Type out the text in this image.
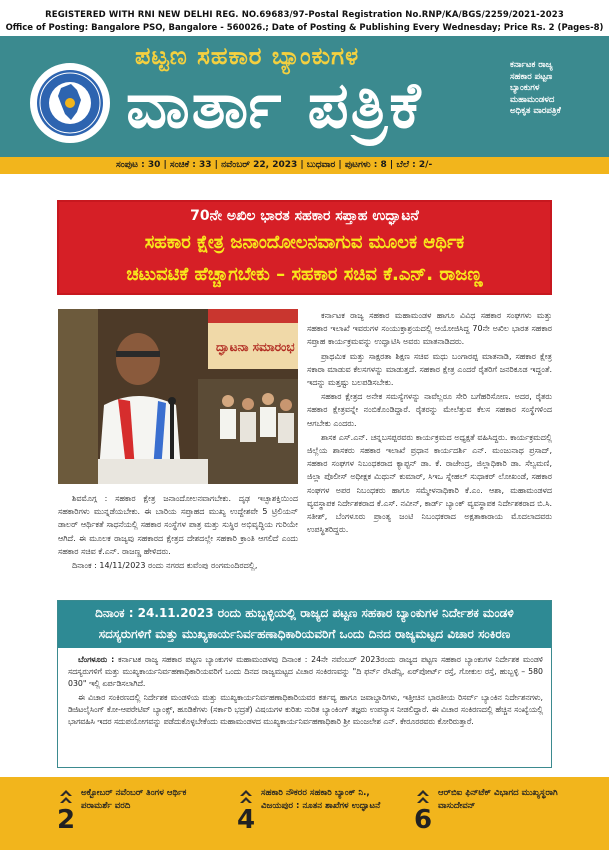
REGISTERED WITH RNI NEW DELHI REG. NO.69683/97-Postal Registration No.RNP/KA/BGS/2259/2021-2023
Office of Posting: Bangalore PSO, Bangalore - 560026.; Date of Posting & Publishing Every Wednesday; Price Rs. 2 (Pages-8)
ಪಟ್ಟಣ ಸಹಕಾರ ಬ್ಯಾಂಕುಗಳ
ವಾರ್ತಾ ಪತ್ರಿಕೆ
ಕರ್ನಾಟಕ ರಾಜ್ಯ
ಸಹಕಾರ ಪಟ್ಟಣ
ಬ್ಯಾಂಕುಗಳ
ಮಹಾಮಂಡಳದ
ಅಧಿಕೃತ ವಾರಪತ್ರಿಕೆ
ಸಂಪುಟ : 30 | ಸಂಚಿಕೆ : 33 | ನವೆಂಬರ್ 22, 2023 | ಬುಧವಾರ | ಪುಟಗಳು : 8 | ಬೆಲೆ : 2/-
70ನೇ ಅಖಿಲ ಭಾರತ ಸಹಕಾರ ಸಪ್ತಾಹ ಉದ್ಘಾಟನೆ
ಸಹಕಾರ ಕ್ಷೇತ್ರ ಜನಾಂದೋಲನವಾಗುವ ಮೂಲಕ ಆರ್ಥಿಕ
ಚಟುವಟಿಕೆ ಹೆಚ್ಚಾಗಬೇಕು – ಸಹಕಾರ ಸಚಿವ ಕೆ.ಎನ್. ರಾಜಣ್ಣ
ದ್ಘಾಟನಾ ಸಮಾರಂಭ

ಶಿವಮೊಗ್ಗ : ಸಹಕಾರ ಕ್ಷೇತ್ರ ಜನಾಂದೋಲನವಾಗಬೇಕು. ದೃಢ ಇಚ್ಛಾಶಕ್ತಿಯಿಂದ ಸಹಕಾರಿಗಳು ಮುನ್ನಡೆಯಬೇಕು. ಈ ಬಾರಿಯ ಸಪ್ತಾಹದ ಮುಖ್ಯ ಉದ್ದೇಶವೇ 5 ಟ್ರಿಲಿಯನ್ ಡಾಲರ್ ಆರ್ಥಿಕತೆ ಸಾಧನೆಯಲ್ಲಿ ಸಹಕಾರ ಸಂಸ್ಥೆಗಳ ಪಾತ್ರ ಮತ್ತು ಸುಸ್ಥಿರ ಅಭಿವೃದ್ಧಿಯ ಗುರಿಯೇ ಆಗಿದೆ. ಈ ಮೂಲಕ ರಾಜ್ಯವು ಸಹಕಾರದ ಕ್ಷೇತ್ರದ ದೇಶದಲ್ಲೇ ಸಹಕಾರಿ ಕ್ರಾಂತಿ ಆಗಲಿದೆ ಎಂದು ಸಹಕಾರ ಸಚಿವ ಕೆ.ಎನ್. ರಾಜಣ್ಣ ಹೇಳಿದರು.

ದಿನಾಂಕ : 14/11/2023 ರಂದು ನಗರದ ಕುವೆಂಪು ರಂಗಮಂದಿರದಲ್ಲಿ,

ಕರ್ನಾಟಕ ರಾಜ್ಯ ಸಹಕಾರ ಮಹಾಮಂಡಳ ಹಾಗೂ ವಿವಿಧ ಸಹಕಾರ ಸಂಘಗಳು ಮತ್ತು ಸಹಕಾರ ಇಲಾಖೆ ಇವರುಗಳ ಸಂಯುಕ್ತಾಶ್ರಯದಲ್ಲಿ ಆಯೋಜಿಸಿದ್ದ 70ನೇ ಅಖಿಲ ಭಾರತ ಸಹಕಾರ ಸಪ್ತಾಹ ಕಾರ್ಯಕ್ರಮವನ್ನು ಉದ್ಘಾಟಿಸಿ ಅವರು ಮಾತನಾಡಿದರು.

ಪ್ರಾಥಮಿಕ ಮತ್ತು ಸಾಕ್ಷರತಾ ಶಿಕ್ಷಣ ಸಚಿವ ಮಧು ಬಂಗಾರಪ್ಪ ಮಾತನಾಡಿ, ಸಹಕಾರ ಕ್ಷೇತ್ರ ಸಕಾರಾ ಮಾಡುವ ಕೆಲಸಗಳನ್ನು ಮಾಡುತ್ತದೆ. ಸಹಕಾರ ಕ್ಷೇತ್ರ ಎಂದರೆ ರೈತರಿಗೆ ಜನರಿಕೂಡ ಇದ್ದಂತೆ. ಇದನ್ನು ಮತ್ತಷ್ಟು ಬಲಪಡಿಸಬೇಕು.

ಸಹಕಾರ ಕ್ಷೇತ್ರದ ಅನೇಕ ಸಮಸ್ಯೆಗಳನ್ನು ನಾವೆಲ್ಲರೂ ಸೇರಿ ಬಗೆಹರಿಸೋಣ. ಅದರ, ರೈತರು ಸಹಕಾರ ಕ್ಷೇತ್ರವನ್ನೇ ನಂಬಿಕೊಂಡಿದ್ದಾರೆ. ರೈತರನ್ನು ಮೇಲೆತ್ತುವ ಕೆಲಸ ಸಹಕಾರ ಸಂಸ್ಥೆಗಳಿಂದ ಆಗಬೇಕು ಎಂದರು.

ಶಾಸಕ ಎಸ್.ಎನ್. ಚನ್ನಬಸಪ್ಪರವರು ಕಾರ್ಯಕ್ರಮದ ಅಧ್ಯಕ್ಷತೆ ವಹಿಸಿದ್ದರು. ಕಾರ್ಯಕ್ರಮದಲ್ಲಿ ಜಿಲ್ಲೆಯ ಶಾಸಕರು ಸಹಕಾರ ಇಲಾಖೆ ಪ್ರಧಾನ ಕಾರ್ಯದರ್ಶಿ ಎನ್. ಮಂಜುನಾಥ ಪ್ರಸಾದ್, ಸಹಕಾರ ಸಂಘಗಳ ನಿಬಂಧಕರಾದ ಕ್ಯಾಪ್ಟನ್ ಡಾ. ಕೆ. ರಾಜೇಂದ್ರ, ಜಿಲ್ಲಾಧಿಕಾರಿ ಡಾ. ಸೆಲ್ವಮಣಿ, ಜಿಲ್ಲಾ ಪೊಲೀಸ್ ಅಧೀಕ್ಷಕ ಮಿಥುನ್ ಕುಮಾರ್, ಸಿಇಒ ಸ್ನೇಹಲ್ ಸುಧಾಕರ್ ಲೋಖಂಡೆ, ಸಹಕಾರ ಸಂಘಗಳ ಅಪರ ನಿಬಂಧಕರು ಹಾಗೂ ಸಮ್ಮೇಳನಾಧಿಕಾರಿ ಕೆ.ಎಂ. ಆಶಾ, ಮಹಾಮಂಡಳದ ವ್ಯವಸ್ಥಾಪಕ ನಿರ್ದೇಶಕರಾದ ಕೆ.ಎಸ್. ನವೀನ್, ಕಾರ್ಡ್ ಬ್ಯಾಂಕ್ ವ್ಯವಸ್ಥಾಪಕ ನಿರ್ದೇಶಕರಾದ ಬಿ.ಸಿ. ಸತೀಶ್, ಬೆಂಗಳೂರು ಪ್ರಾಂತ್ಯ ಜಂಟಿ ನಿಬಂಧಕರಾದ ಅಕ್ಷತಾಕಾರಾಯ ಮೊದಲಾದವರು ಉಪಸ್ಥಿತರಿದ್ದರು.

ದಿನಾಂಕ : 24.11.2023 ರಂದು ಹುಬ್ಬಳ್ಳಿಯಲ್ಲಿ ರಾಜ್ಯದ ಪಟ್ಟಣ ಸಹಕಾರ ಬ್ಯಾಂಕುಗಳ ನಿರ್ದೇಶಕ ಮಂಡಳಿ
ಸದಸ್ಯರುಗಳಿಗೆ ಮತ್ತು ಮುಖ್ಯಕಾರ್ಯನಿರ್ವಹಣಾಧಿಕಾರಿಯವರಿಗೆ ಒಂದು ದಿನದ ರಾಜ್ಯಮಟ್ಟದ ವಿಚಾರ ಸಂಕಿರಣ

ಬೆಂಗಳೂರು : ಕರ್ನಾಟಕ ರಾಜ್ಯ ಸಹಕಾರ ಪಟ್ಟಣ ಬ್ಯಾಂಕುಗಳ ಮಹಾಮಂಡಳವು ದಿನಾಂಕ : 24ನೇ ನವೆಂಬರ್ 2023ರಂದು ರಾಜ್ಯದ ಪಟ್ಟಣ ಸಹಕಾರ ಬ್ಯಾಂಕುಗಳ ನಿರ್ದೇಶಕ ಮಂಡಳಿ ಸದಸ್ಯರುಗಳಿಗೆ ಮತ್ತು ಮುಖ್ಯಕಾರ್ಯನಿರ್ವಹಣಾಧಿಕಾರಿಯವರಿಗೆ ಒಂದು ದಿನದ ರಾಜ್ಯಮಟ್ಟದ ವಿಚಾರ ಸಂಕಿರಣವನ್ನು "ದಿ ಫರ್ನ್ ರೆಸಿಡೆನ್ಸಿ, ಏರ್‌ಪೋರ್ಟ್ ರಸ್ತೆ, ಗೋಕುಲ ರಸ್ತೆ, ಹುಬ್ಬಳ್ಳಿ – 580 030" ಇಲ್ಲಿ ಏರ್ಪಡಿಸಲಾಗಿದೆ.

ಈ ವಿಚಾರ ಸಂಕಿರಣದಲ್ಲಿ ನಿರ್ದೇಶಕ ಮಂಡಳಿಯ ಮತ್ತು ಮುಖ್ಯಕಾರ್ಯನಿರ್ವಹಣಾಧಿಕಾರಿಯವರ ಕರ್ತವ್ಯ ಹಾಗೂ ಜವಾಬ್ದಾರಿಗಳು, ಇತ್ತೀಚಿನ ಭಾರತೀಯ ರಿಸರ್ವ್ ಬ್ಯಾಂಕಿನ ನಿರ್ದೇಶನಗಳು, ಡಿಜಿಟಲೈಸಿಂಗ್ ಕೋ-ಆಪರೇಟಿವ್ ಬ್ಯಾಂಕ್ಸ್, ಹೂಡಿಕೆಗಳು (ಸರ್ಕಾರಿ ಭದ್ರತೆ) ವಿಷಯಗಳ ಕುರಿತು ನುರಿತ ಬ್ಯಾಂಕಿಂಗ್ ತಜ್ಞರು ಉಪನ್ಯಾಸ ನೀಡಲಿದ್ದಾರೆ. ಈ ವಿಚಾರ ಸಂಕಿರಣದಲ್ಲಿ ಹೆಚ್ಚಿನ ಸಂಖ್ಯೆಯಲ್ಲಿ ಭಾಗವಹಿಸಿ ಇದರ ಸದುಪಯೋಗವನ್ನು ಪಡೆದುಕೊಳ್ಳಬೇಕೆಂದು ಮಹಾಮಂಡಳದ ಮುಖ್ಯಕಾರ್ಯನಿರ್ವಹಣಾಧಿಕಾರಿ ಶ್ರೀ ಮಂಜಲೇಶ ಎನ್. ಕೇರೂರರವರು ಕೋರಿರುತ್ತಾರೆ.

2
ಅಕ್ಟೋಬರ್ ನವೆಂಬರ್ ತಿಂಗಳ ಆರ್ಥಿಕ ಪರಾಮರ್ಶೆ ವರದಿ	4
ಸಹಕಾರಿ ನೌಕರರ ಸಹಕಾರಿ ಬ್ಯಾಂಕ್ ನಿ., ವಿಜಯಪುರ : ನೂತನ ಶಾಖೆಗಳ ಉದ್ಘಾಟನೆ 6
ಆರ್‌ಬಿಐ ಫಿನ್‌ಟೆಕ್ ವಿಭಾಗದ ಮುಖ್ಯಸ್ಥರಾಗಿ ವಾಸುದೇವನ್
